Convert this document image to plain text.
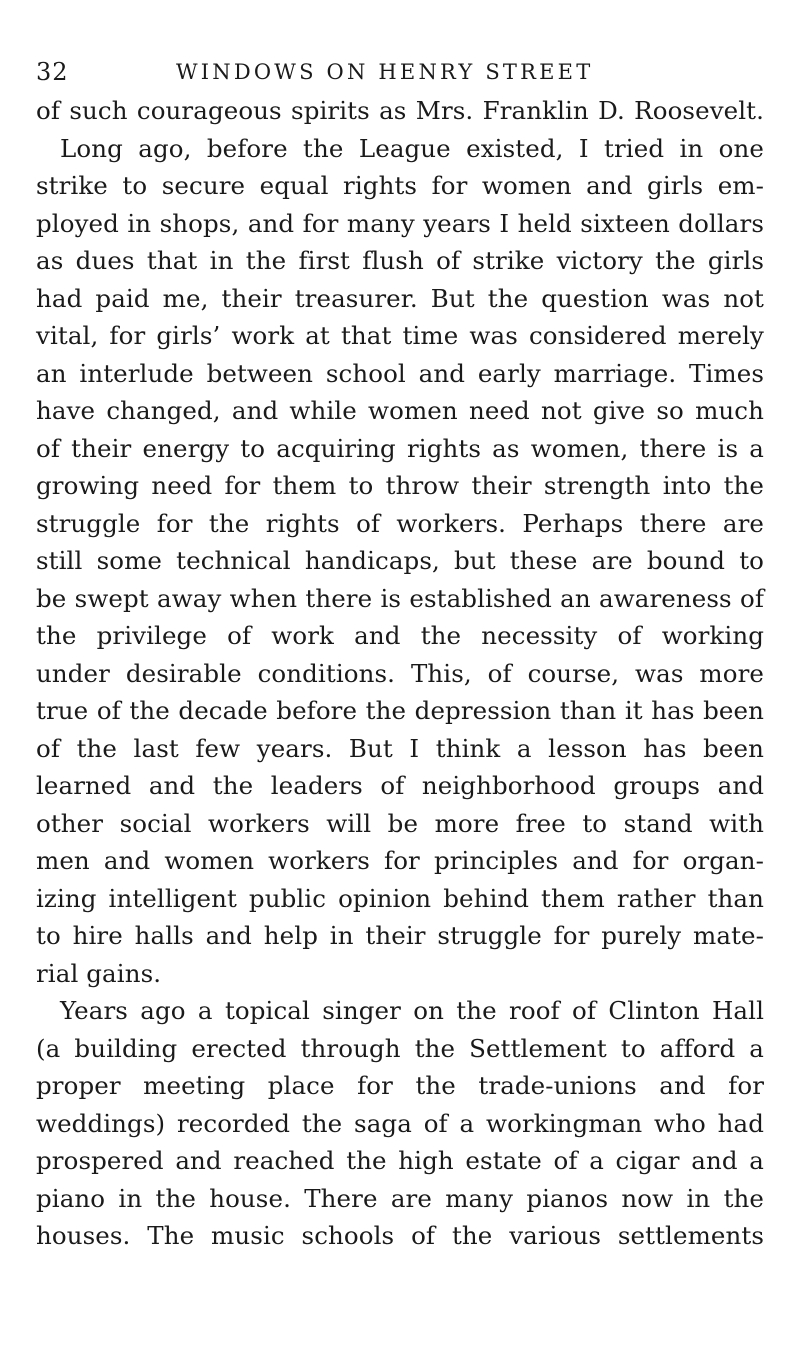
32	WINDOWS ON HENRY STREET
of such courageous spirits as Mrs. Franklin D. Roosevelt.
Long ago, before the League existed, I tried in one
strike to secure equal rights for women and girls em-
ployed in shops, and for many years I held sixteen dollars
as dues that in the first flush of strike victory the girls
had paid me, their treasurer. But the question was not
vital, for girls’ work at that time was considered merely
an interlude between school and early marriage. Times
have changed, and while women need not give so much
of their energy to acquiring rights as women, there is a
growing need for them to throw their strength into the
struggle for the rights of workers. Perhaps there are
still some technical handicaps, but these are bound to
be swept away when there is established an awareness of
the privilege of work and the necessity of working
under desirable conditions. This, of course, was more
true of the decade before the depression than it has been
of the last few years. But I think a lesson has been
learned and the leaders of neighborhood groups and
other social workers will be more free to stand with
men and women workers for principles and for organ-
izing intelligent public opinion behind them rather than
to hire halls and help in their struggle for purely mate-
rial gains.
Years ago a topical singer on the roof of Clinton Hall
(a building erected through the Settlement to afford a
proper meeting place for the trade-unions and for
weddings) recorded the saga of a workingman who had
prospered and reached the high estate of a cigar and a
piano in the house. There are many pianos now in the
houses. The music schools of the various settlements
